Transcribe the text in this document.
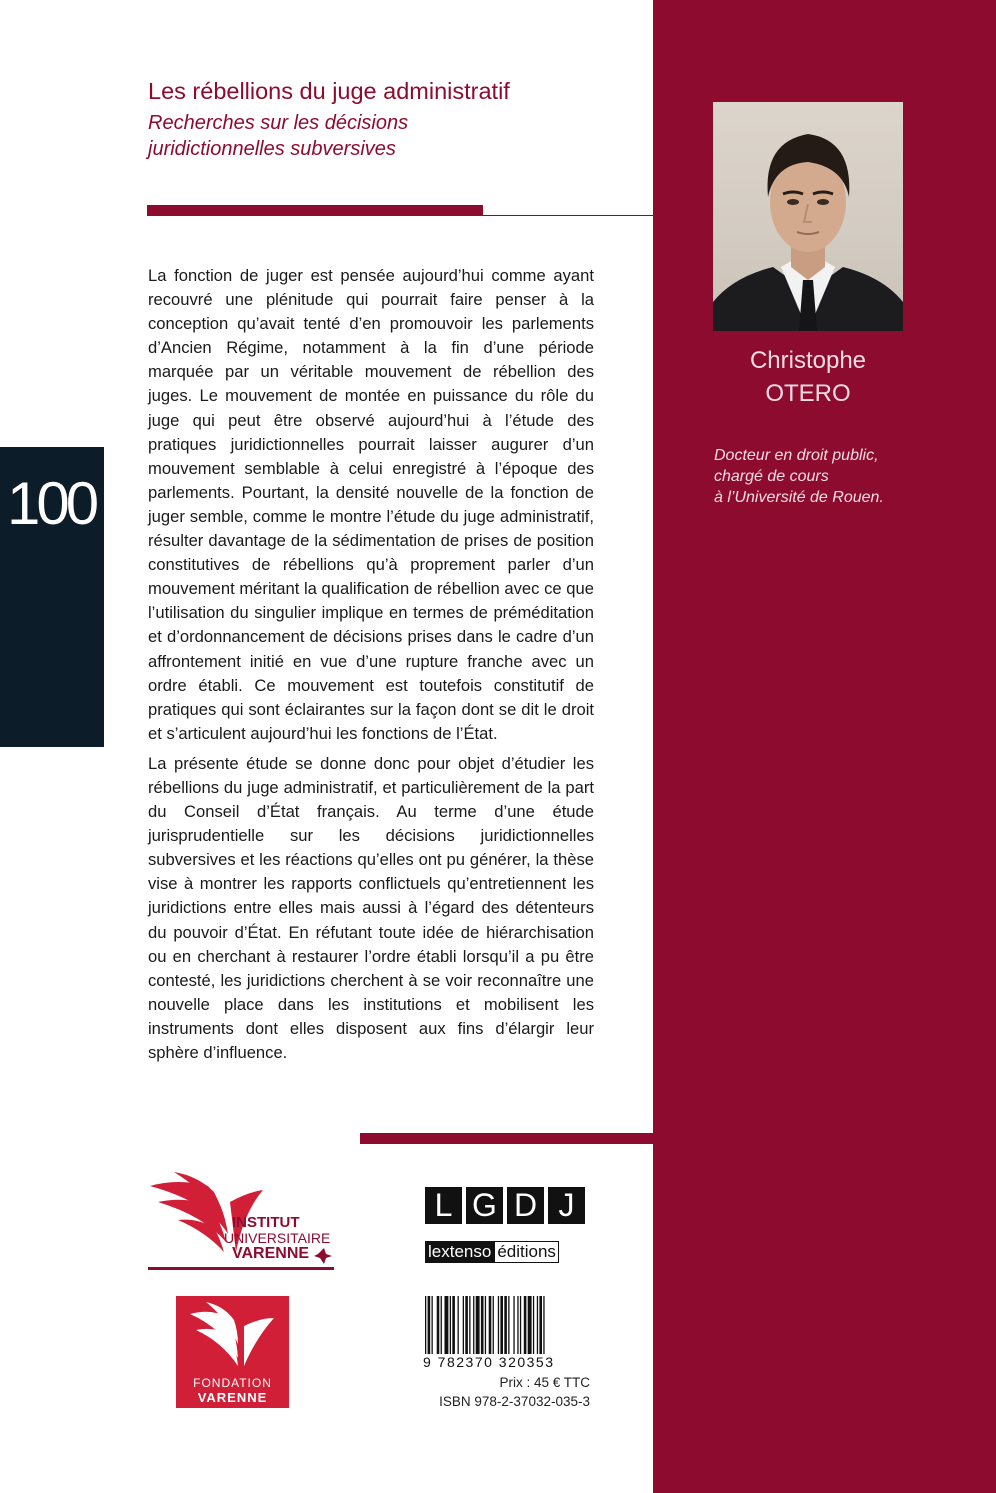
100
Les rébellions du juge administratif
Recherches sur les décisions
juridictionnelles subversives

La fonction de juger est pensée aujourd’hui comme ayant recouvré une plénitude qui pourrait faire penser à la conception qu’avait tenté d’en promouvoir les parlements d’Ancien Régime, notamment à la fin d’une période marquée par un véritable mouvement de rébellion des juges. Le mouvement de montée en puissance du rôle du juge qui peut être observé aujourd’hui à l’étude des pratiques juridictionnelles pourrait laisser augurer d’un mouvement semblable à celui enregistré à l’époque des parlements. Pourtant, la densité nouvelle de la fonction de juger semble, comme le montre l’étude du juge administratif, résulter davantage de la sédimentation de prises de position constitutives de rébellions qu’à proprement parler d’un mouvement méritant la qualification de rébellion avec ce que l’utilisation du singulier implique en termes de préméditation et d’ordonnancement de décisions prises dans le cadre d’un affrontement initié en vue d’une rupture franche avec un ordre établi. Ce mouvement est toutefois constitutif de pratiques qui sont éclairantes sur la façon dont se dit le droit et s’articulent aujourd’hui les fonctions de l’État.

La présente étude se donne donc pour objet d’étudier les rébellions du juge administratif, et particulièrement de la part du Conseil d’État français. Au terme d’une étude jurisprudentielle sur les décisions juridictionnelles subversives et les réactions qu’elles ont pu générer, la thèse vise à montrer les rapports conflictuels qu’entretiennent les juridictions entre elles mais aussi à l’égard des détenteurs du pouvoir d’État. En réfutant toute idée de hiérarchisation ou en cherchant à restaurer l’ordre établi lorsqu’il a pu être contesté, les juridictions cherchent à se voir reconnaître une nouvelle place dans les institutions et mobilisent les instruments dont elles disposent aux fins d’élargir leur sphère d’influence.

Christophe
OTERO
Docteur en droit public,
chargé de cours
à l’Université de Rouen.
INSTITUT
UNIVERSITAIRE
VARENNE
FONDATION
VARENNE
L G D J
lextenso éditions
9 782370 320353
Prix : 45 € TTC
ISBN 978-2-37032-035-3
